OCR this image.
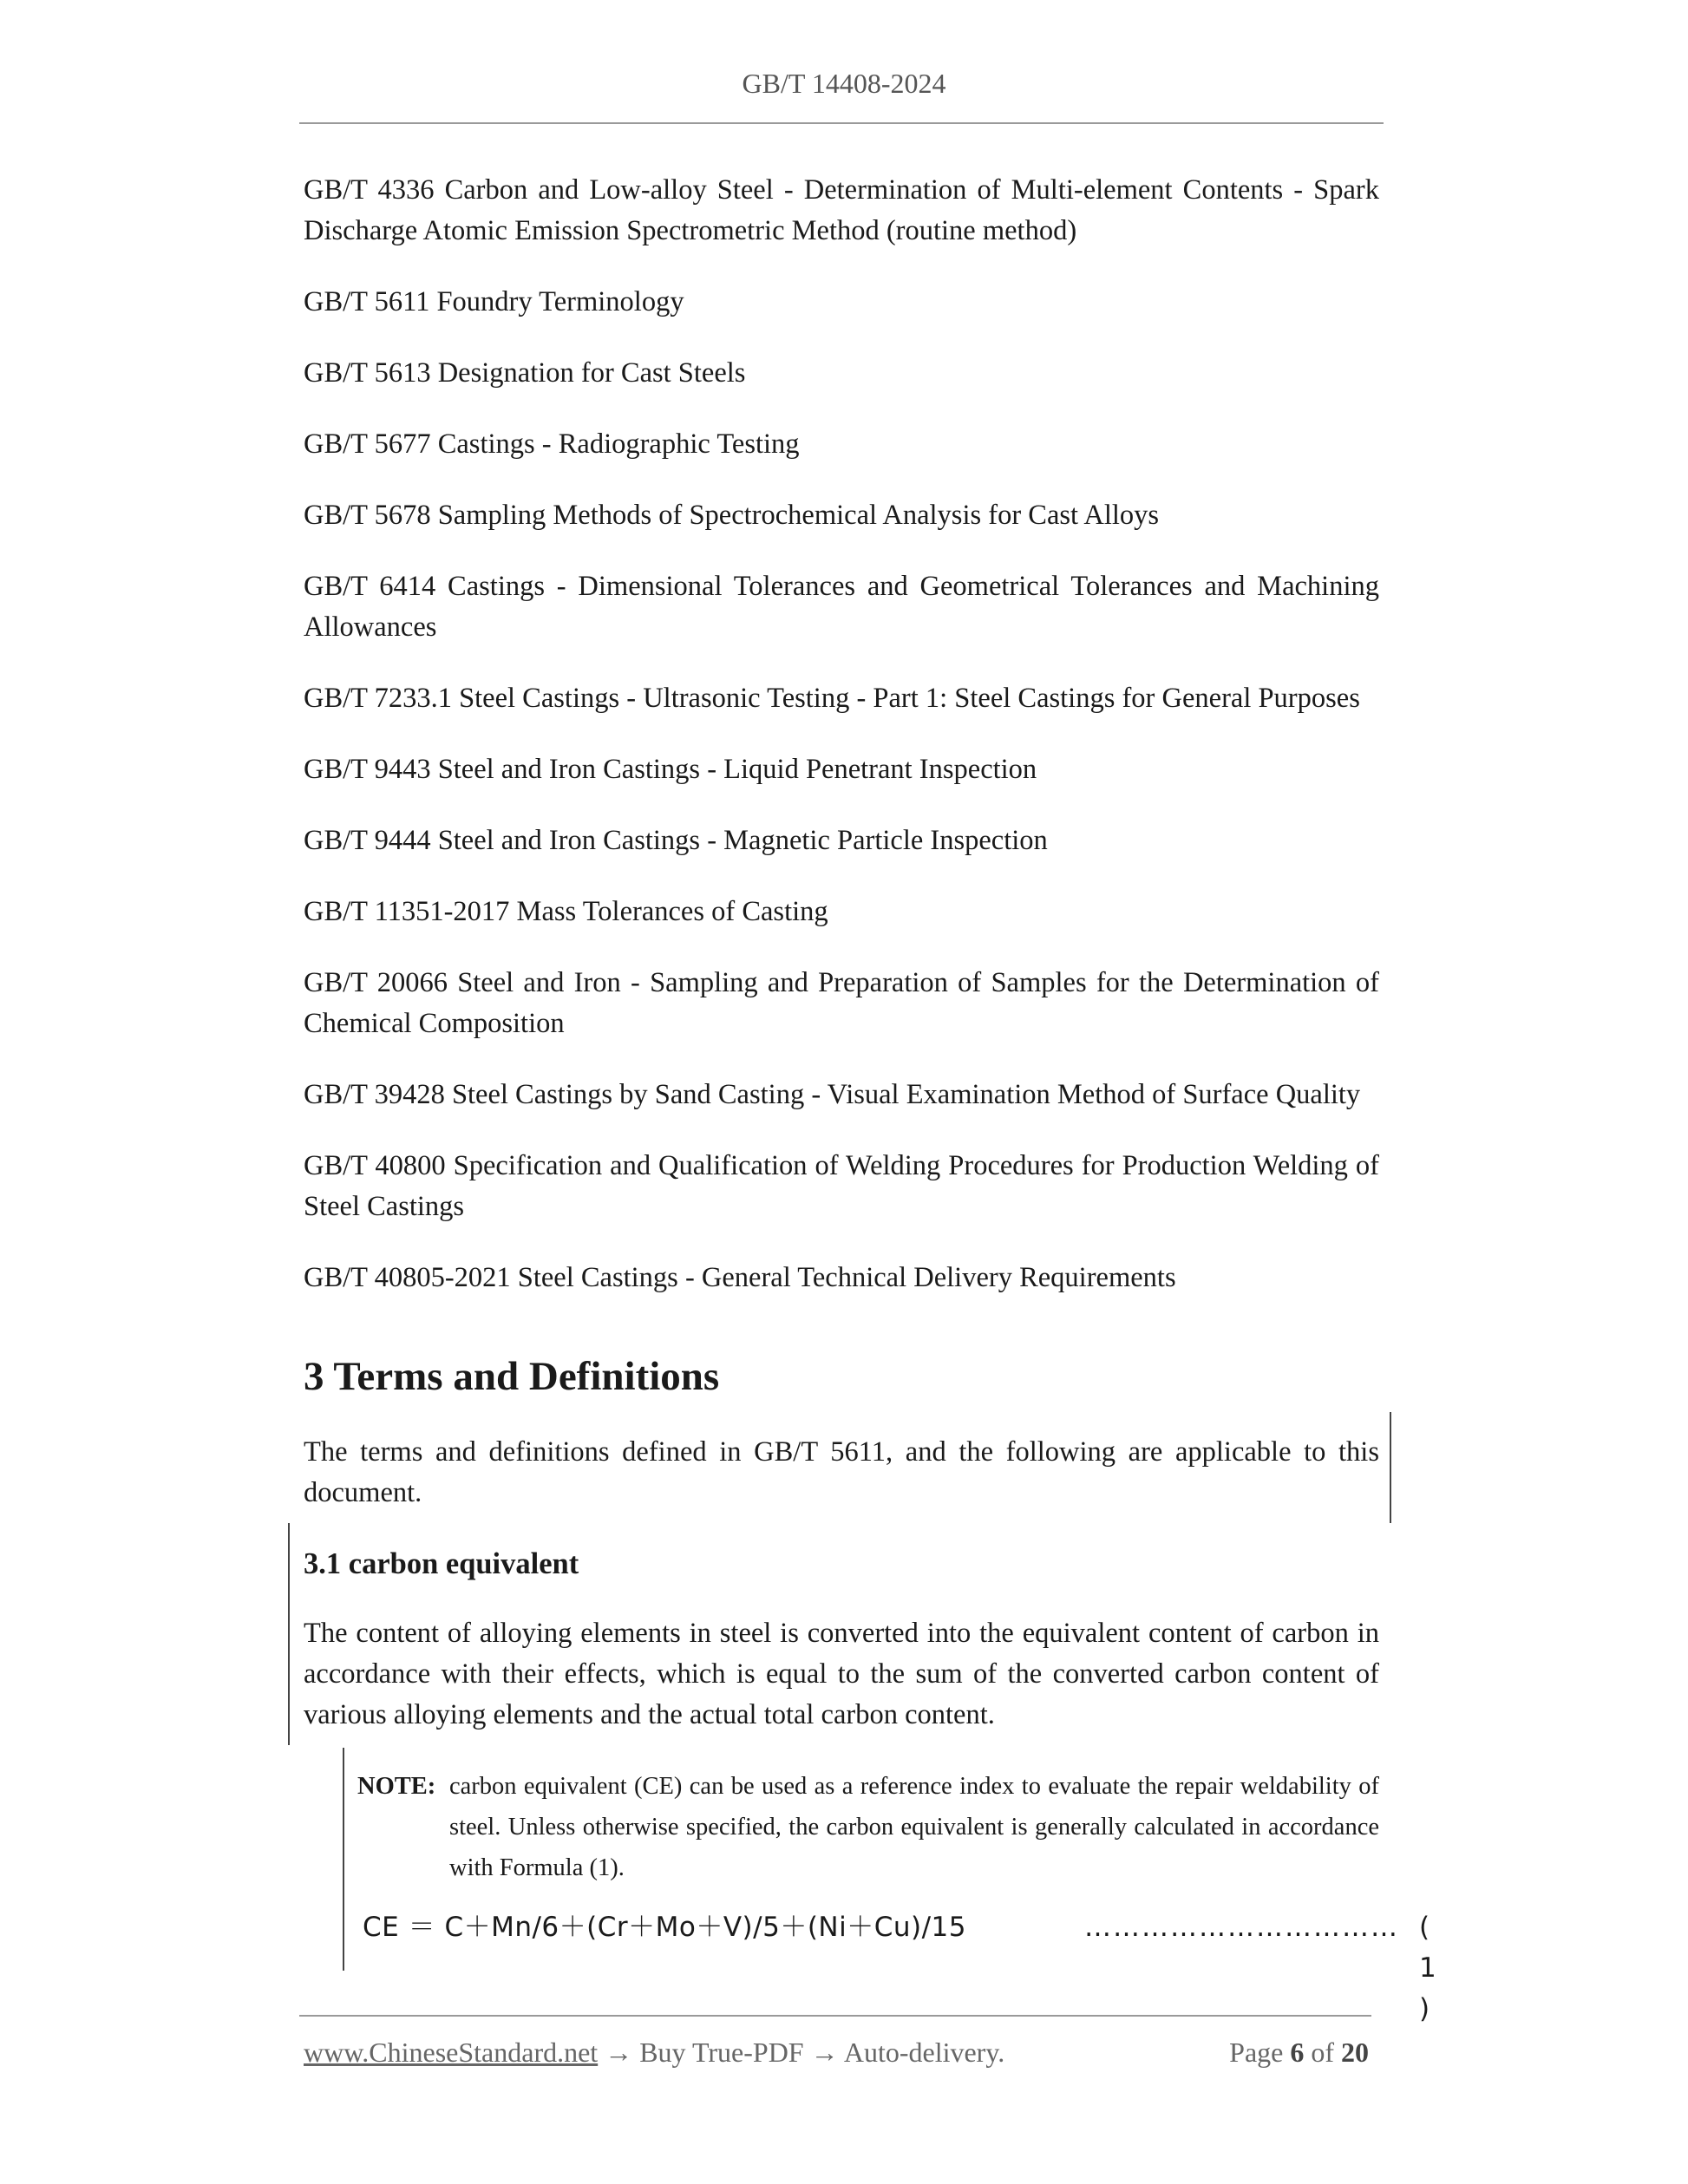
GB/T 14408-2024

GB/T 4336 Carbon and Low-alloy Steel - Determination of Multi-element Contents - Spark Discharge Atomic Emission Spectrometric Method (routine method)

GB/T 5611 Foundry Terminology

GB/T 5613 Designation for Cast Steels

GB/T 5677 Castings - Radiographic Testing

GB/T 5678 Sampling Methods of Spectrochemical Analysis for Cast Alloys

GB/T 6414 Castings - Dimensional Tolerances and Geometrical Tolerances and Machining Allowances

GB/T 7233.1 Steel Castings - Ultrasonic Testing - Part 1: Steel Castings for General Purposes

GB/T 9443 Steel and Iron Castings - Liquid Penetrant Inspection

GB/T 9444 Steel and Iron Castings - Magnetic Particle Inspection

GB/T 11351-2017 Mass Tolerances of Casting

GB/T 20066 Steel and Iron - Sampling and Preparation of Samples for the Determination of Chemical Composition

GB/T 39428 Steel Castings by Sand Casting - Visual Examination Method of Surface Quality

GB/T 40800 Specification and Qualification of Welding Procedures for Production Welding of Steel Castings

GB/T 40805-2021 Steel Castings - General Technical Delivery Requirements

3 Terms and Definitions

The terms and definitions defined in GB/T 5611, and the following are applicable to this document.

3.1 carbon equivalent

The content of alloying elements in steel is converted into the equivalent content of carbon in accordance with their effects, which is equal to the sum of the converted carbon content of various alloying elements and the actual total carbon content.

NOTE: carbon equivalent (CE) can be used as a reference index to evaluate the repair weldability of steel. Unless otherwise specified, the carbon equivalent is generally calculated in accordance with Formula (1).
CE ＝ C＋Mn/6＋(Cr＋Mo＋V)/5＋(Ni＋Cu)/15	…………………………… ( 1 )
www.ChineseStandard.net → Buy True-PDF → Auto-delivery.	Page 6 of 20
